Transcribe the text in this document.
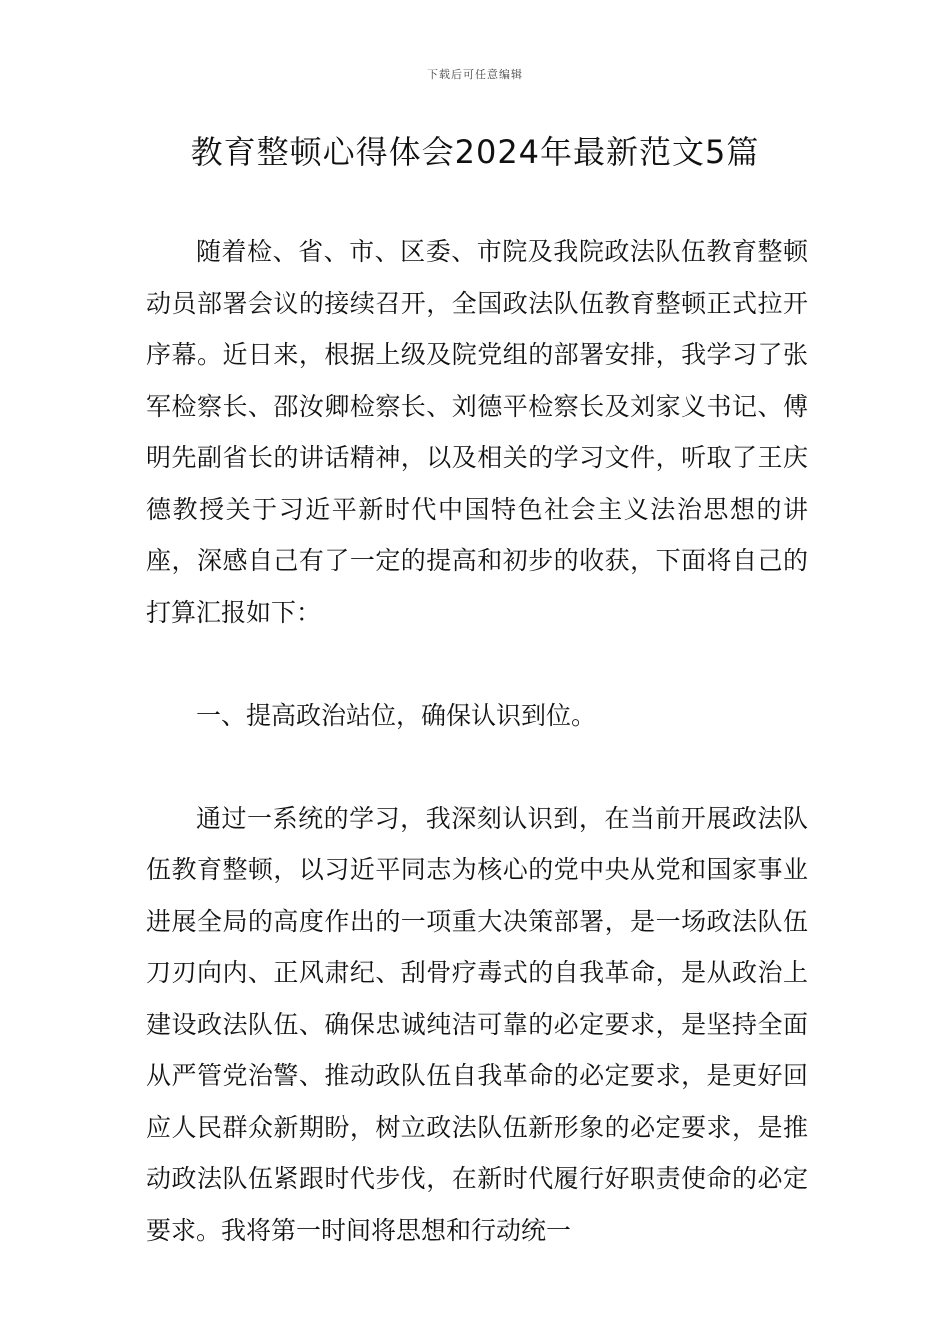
下载后可任意编辑
教育整顿心得体会2024年最新范文5篇

随着检、省、市、区委、市院及我院政法队伍教育整顿动员部署会议的接续召开，全国政法队伍教育整顿正式拉开序幕。近日来，根据上级及院党组的部署安排，我学习了张军检察长、邵汝卿检察长、刘德平检察长及刘家义书记、傅明先副省长的讲话精神，以及相关的学习文件，听取了王庆德教授关于习近平新时代中国特色社会主义法治思想的讲座，深感自己有了一定的提高和初步的收获，下面将自己的打算汇报如下：

一、提高政治站位，确保认识到位。

通过一系统的学习，我深刻认识到，在当前开展政法队伍教育整顿，以习近平同志为核心的党中央从党和国家事业进展全局的高度作出的一项重大决策部署，是一场政法队伍刀刃向内、正风肃纪、刮骨疗毒式的自我革命，是从政治上建设政法队伍、确保忠诚纯洁可靠的必定要求，是坚持全面从严管党治警、推动政队伍自我革命的必定要求，是更好回应人民群众新期盼，树立政法队伍新形象的必定要求，是推动政法队伍紧跟时代步伐，在新时代履行好职责使命的必定要求。我将第一时间将思想和行动统一
